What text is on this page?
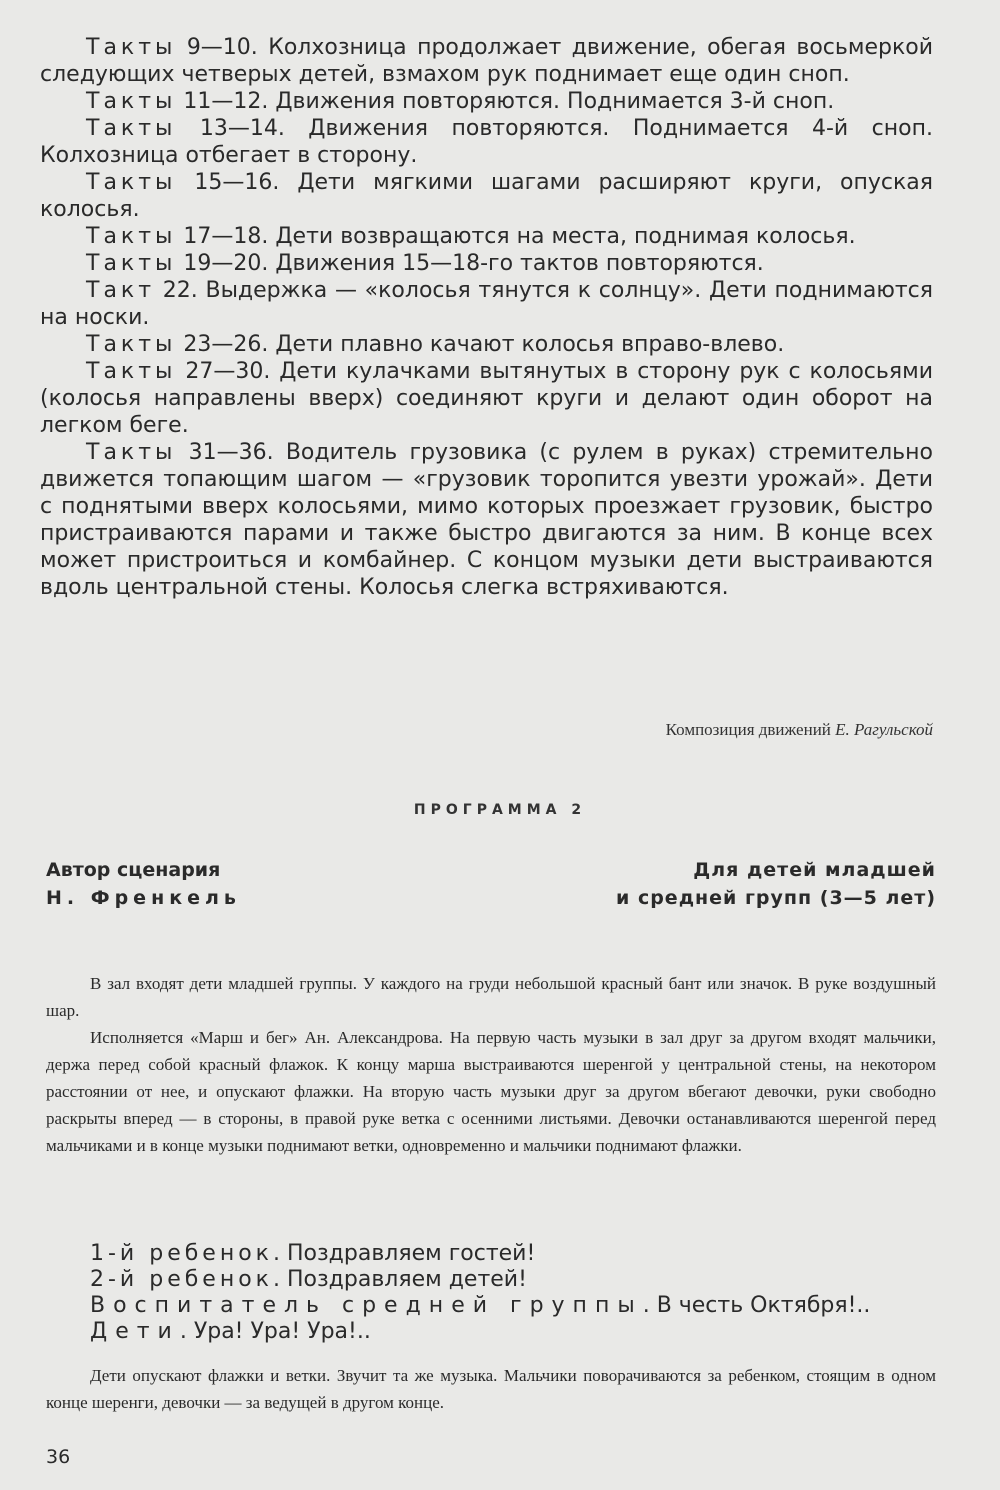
Такты 9—10. Колхозница продолжает движение, обегая восьмеркой следующих четверых детей, взмахом рук поднимает еще один сноп.

Такты 11—12. Движения повторяются. Поднимается 3-й сноп.

Такты 13—14. Движения повторяются. Поднимается 4-й сноп. Колхозница отбегает в сторону.

Такты 15—16. Дети мягкими шагами расширяют круги, опуская колосья.

Такты 17—18. Дети возвращаются на места, поднимая колосья.

Такты 19—20. Движения 15—18-го тактов повторяются.

Такт 22. Выдержка — «колосья тянутся к солнцу». Дети поднимаются на носки.

Такты 23—26. Дети плавно качают колосья вправо-влево.

Такты 27—30. Дети кулачками вытянутых в сторону рук с колосьями (колосья направлены вверх) соединяют круги и делают один оборот на легком беге.

Такты 31—36. Водитель грузовика (с рулем в руках) стремительно движется топающим шагом — «грузовик торопится увезти урожай». Дети с поднятыми вверх колосьями, мимо которых проезжает грузовик, быстро пристраиваются парами и также быстро двигаются за ним. В конце всех может пристроиться и комбайнер. С концом музыки дети выстраиваются вдоль центральной стены. Колосья слегка встряхиваются.

Композиция движений Е. Рагульской
ПРОГРАММА 2
Автор сценария
Н. Френкель
Для детей младшей
и средней групп (3—5 лет)

В зал входят дети младшей группы. У каждого на груди небольшой красный бант или значок. В руке воздушный шар.

Исполняется «Марш и бег» Ан. Александрова. На первую часть музыки в зал друг за другом входят мальчики, держа перед собой красный флажок. К концу марша выстраиваются шеренгой у центральной стены, на некотором расстоянии от нее, и опускают флажки. На вторую часть музыки друг за другом вбегают девочки, руки свободно раскрыты вперед — в стороны, в правой руке ветка с осенними листьями. Девочки останавливаются шеренгой перед мальчиками и в конце музыки поднимают ветки, одновременно и мальчики поднимают флажки.

1-й ребенок. Поздравляем гостей!

2-й ребенок. Поздравляем детей!

Воспитатель средней группы. В честь Октября!..

Дети. Ура! Ура! Ура!..

Дети опускают флажки и ветки. Звучит та же музыка. Мальчики поворачиваются за ребенком, стоящим в одном конце шеренги, девочки — за ведущей в другом конце.

36
